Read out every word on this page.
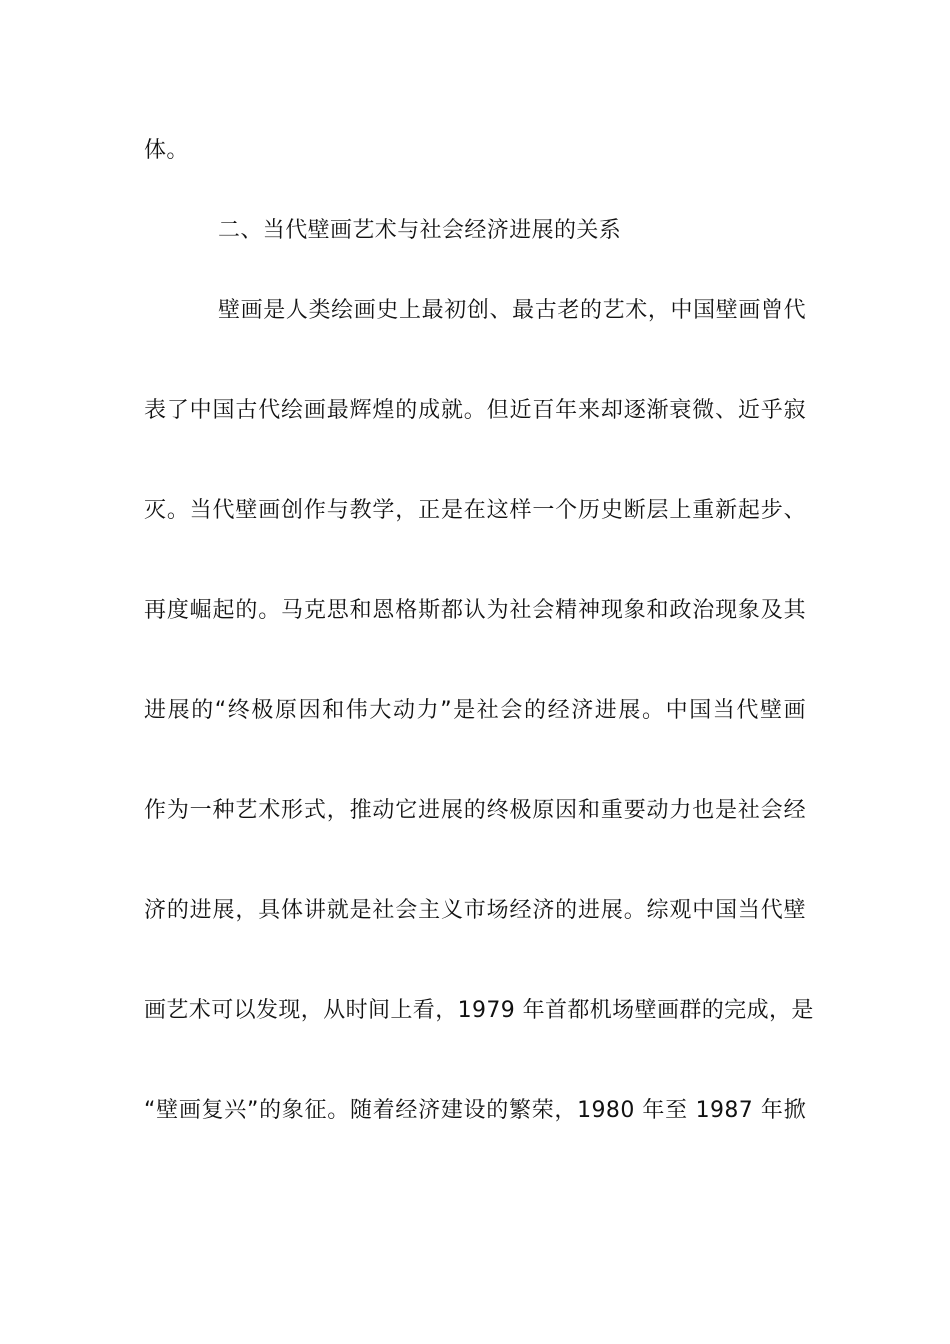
体。
二、当代壁画艺术与社会经济进展的关系
壁画是人类绘画史上最初创、最古老的艺术，中国壁画曾代
表了中国古代绘画最辉煌的成就。但近百年来却逐渐衰微、近乎寂
灭。当代壁画创作与教学，正是在这样一个历史断层上重新起步、
再度崛起的。马克思和恩格斯都认为社会精神现象和政治现象及其
进展的“终极原因和伟大动力”是社会的经济进展。中国当代壁画
作为一种艺术形式，推动它进展的终极原因和重要动力也是社会经
济的进展，具体讲就是社会主义市场经济的进展。综观中国当代壁
画艺术可以发现，从时间上看，1979 年首都机场壁画群的完成，是
“壁画复兴”的象征。随着经济建设的繁荣，1980 年至 1987 年掀
